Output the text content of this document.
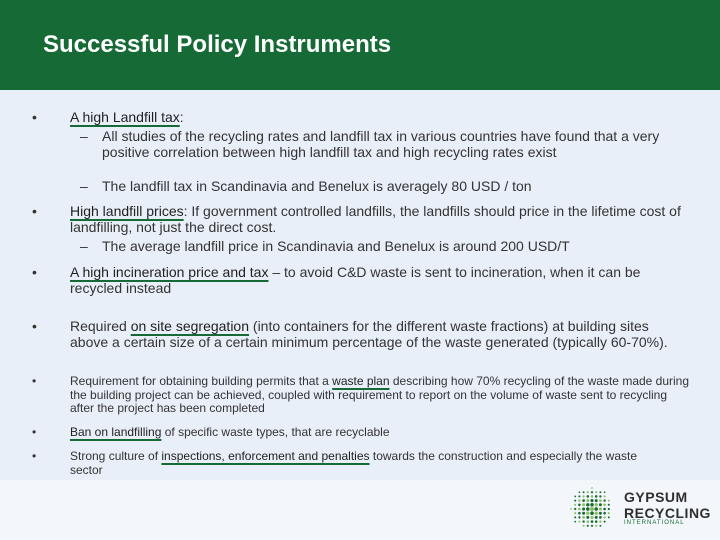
Successful Policy Instruments
• A high Landfill tax:
– All studies of the recycling rates and landfill tax in various countries have found that a very positive correlation between high landfill tax and high recycling rates exist
– The landfill tax in Scandinavia and Benelux is averagely 80 USD / ton
• High landfill prices: If government controlled landfills, the landfills should price in the lifetime cost of landfilling, not just the direct cost.
– The average landfill price in Scandinavia and Benelux is around 200 USD/T
• A high incineration price and tax – to avoid C&D waste is sent to incineration, when it can be recycled instead
• Required on site segregation (into containers for the different waste fractions) at building sites above a certain size of a certain minimum percentage of the waste generated (typically 60-70%).
•	Requirement for obtaining building permits that a waste plan describing how 70% recycling of the waste made during the building project can be achieved, coupled with requirement to report on the volume of waste sent to recycling after the project has been completed
•	Ban on landfilling of specific waste types, that are recyclable
•	Strong culture of inspections, enforcement and penalties towards the construction and especially the waste sector
GYPSUM
RECYCLING
INTERNATIONAL
